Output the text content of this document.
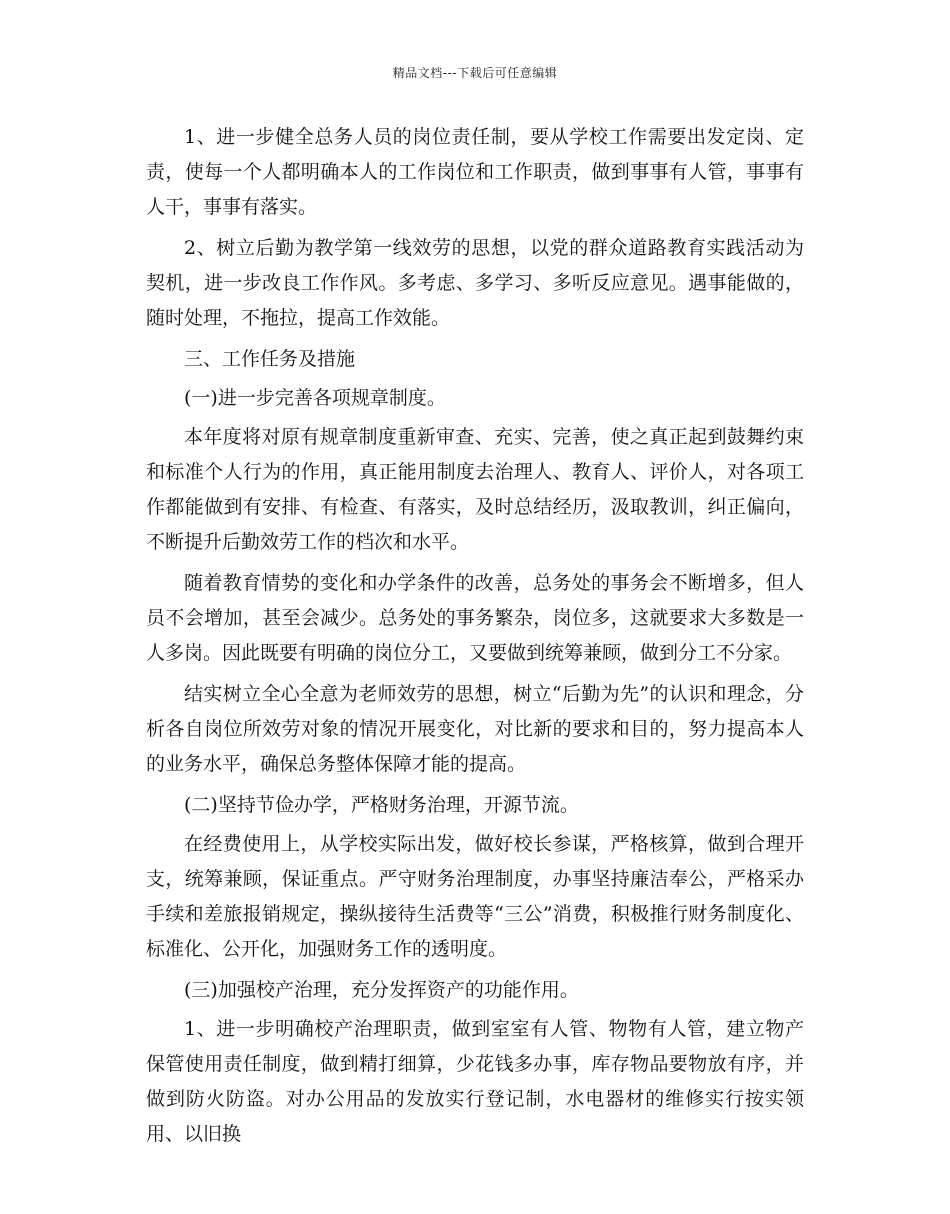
精品文档---下载后可任意编辑

1、进一步健全总务人员的岗位责任制，要从学校工作需要出发定岗、定责，使每一个人都明确本人的工作岗位和工作职责，做到事事有人管，事事有人干，事事有落实。

2、树立后勤为教学第一线效劳的思想，以党的群众道路教育实践活动为契机，进一步改良工作作风。多考虑、多学习、多听反应意见。遇事能做的，随时处理，不拖拉，提高工作效能。

三、工作任务及措施

(一)进一步完善各项规章制度。

本年度将对原有规章制度重新审查、充实、完善，使之真正起到鼓舞约束和标准个人行为的作用，真正能用制度去治理人、教育人、评价人，对各项工作都能做到有安排、有检查、有落实，及时总结经历，汲取教训，纠正偏向，不断提升后勤效劳工作的档次和水平。

随着教育情势的变化和办学条件的改善，总务处的事务会不断增多，但人员不会增加，甚至会减少。总务处的事务繁杂，岗位多，这就要求大多数是一人多岗。因此既要有明确的岗位分工，又要做到统筹兼顾，做到分工不分家。

结实树立全心全意为老师效劳的思想，树立“后勤为先”的认识和理念，分析各自岗位所效劳对象的情况开展变化，对比新的要求和目的，努力提高本人的业务水平，确保总务整体保障才能的提高。

(二)坚持节俭办学，严格财务治理，开源节流。

在经费使用上，从学校实际出发，做好校长参谋，严格核算，做到合理开支，统筹兼顾，保证重点。严守财务治理制度，办事坚持廉洁奉公，严格采办手续和差旅报销规定，操纵接待生活费等“三公”消费，积极推行财务制度化、标准化、公开化，加强财务工作的透明度。

(三)加强校产治理，充分发挥资产的功能作用。

1、进一步明确校产治理职责，做到室室有人管、物物有人管，建立物产保管使用责任制度，做到精打细算，少花钱多办事，库存物品要物放有序，并做到防火防盗。对办公用品的发放实行登记制，水电器材的维修实行按实领用、以旧换
